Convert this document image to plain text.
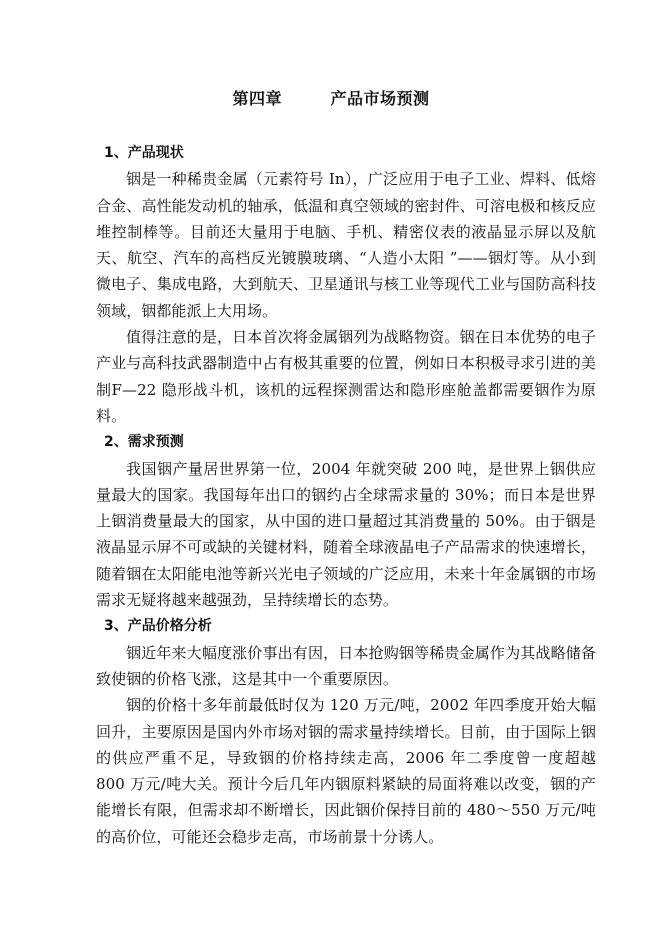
第四章        产品市场预测
1、产品现状

铟是一种稀贵金属（元素符号 In），广泛应用于电子工业、焊料、低熔合金、高性能发动机的轴承，低温和真空领域的密封件、可溶电极和核反应堆控制棒等。目前还大量用于电脑、手机、精密仪表的液晶显示屏以及航天、航空、汽车的高档反光镀膜玻璃、“人造小太阳 ”——铟灯等。从小到微电子、集成电路，大到航天、卫星通讯与核工业等现代工业与国防高科技领域，铟都能派上大用场。

值得注意的是，日本首次将金属铟列为战略物资。铟在日本优势的电子产业与高科技武器制造中占有极其重要的位置，例如日本积极寻求引进的美制F—22 隐形战斗机，该机的远程探测雷达和隐形座舱盖都需要铟作为原料。

2、需求预测

我国铟产量居世界第一位，2004 年就突破 200 吨，是世界上铟供应量最大的国家。我国每年出口的铟约占全球需求量的 30%；而日本是世界上铟消费量最大的国家，从中国的进口量超过其消费量的 50%。由于铟是液晶显示屏不可或缺的关键材料，随着全球液晶电子产品需求的快速增长，随着铟在太阳能电池等新兴光电子领域的广泛应用，未来十年金属铟的市场需求无疑将越来越强劲，呈持续增长的态势。

3、产品价格分析

铟近年来大幅度涨价事出有因，日本抢购铟等稀贵金属作为其战略储备致使铟的价格飞涨，这是其中一个重要原因。

铟的价格十多年前最低时仅为 120 万元/吨，2002 年四季度开始大幅回升，主要原因是国内外市场对铟的需求量持续增长。目前，由于国际上铟的供应严重不足，导致铟的价格持续走高，2006 年二季度曾一度超越 800 万元/吨大关。预计今后几年内铟原料紧缺的局面将难以改变，铟的产能增长有限，但需求却不断增长，因此铟价保持目前的 480～550 万元/吨的高价位，可能还会稳步走高，市场前景十分诱人。
